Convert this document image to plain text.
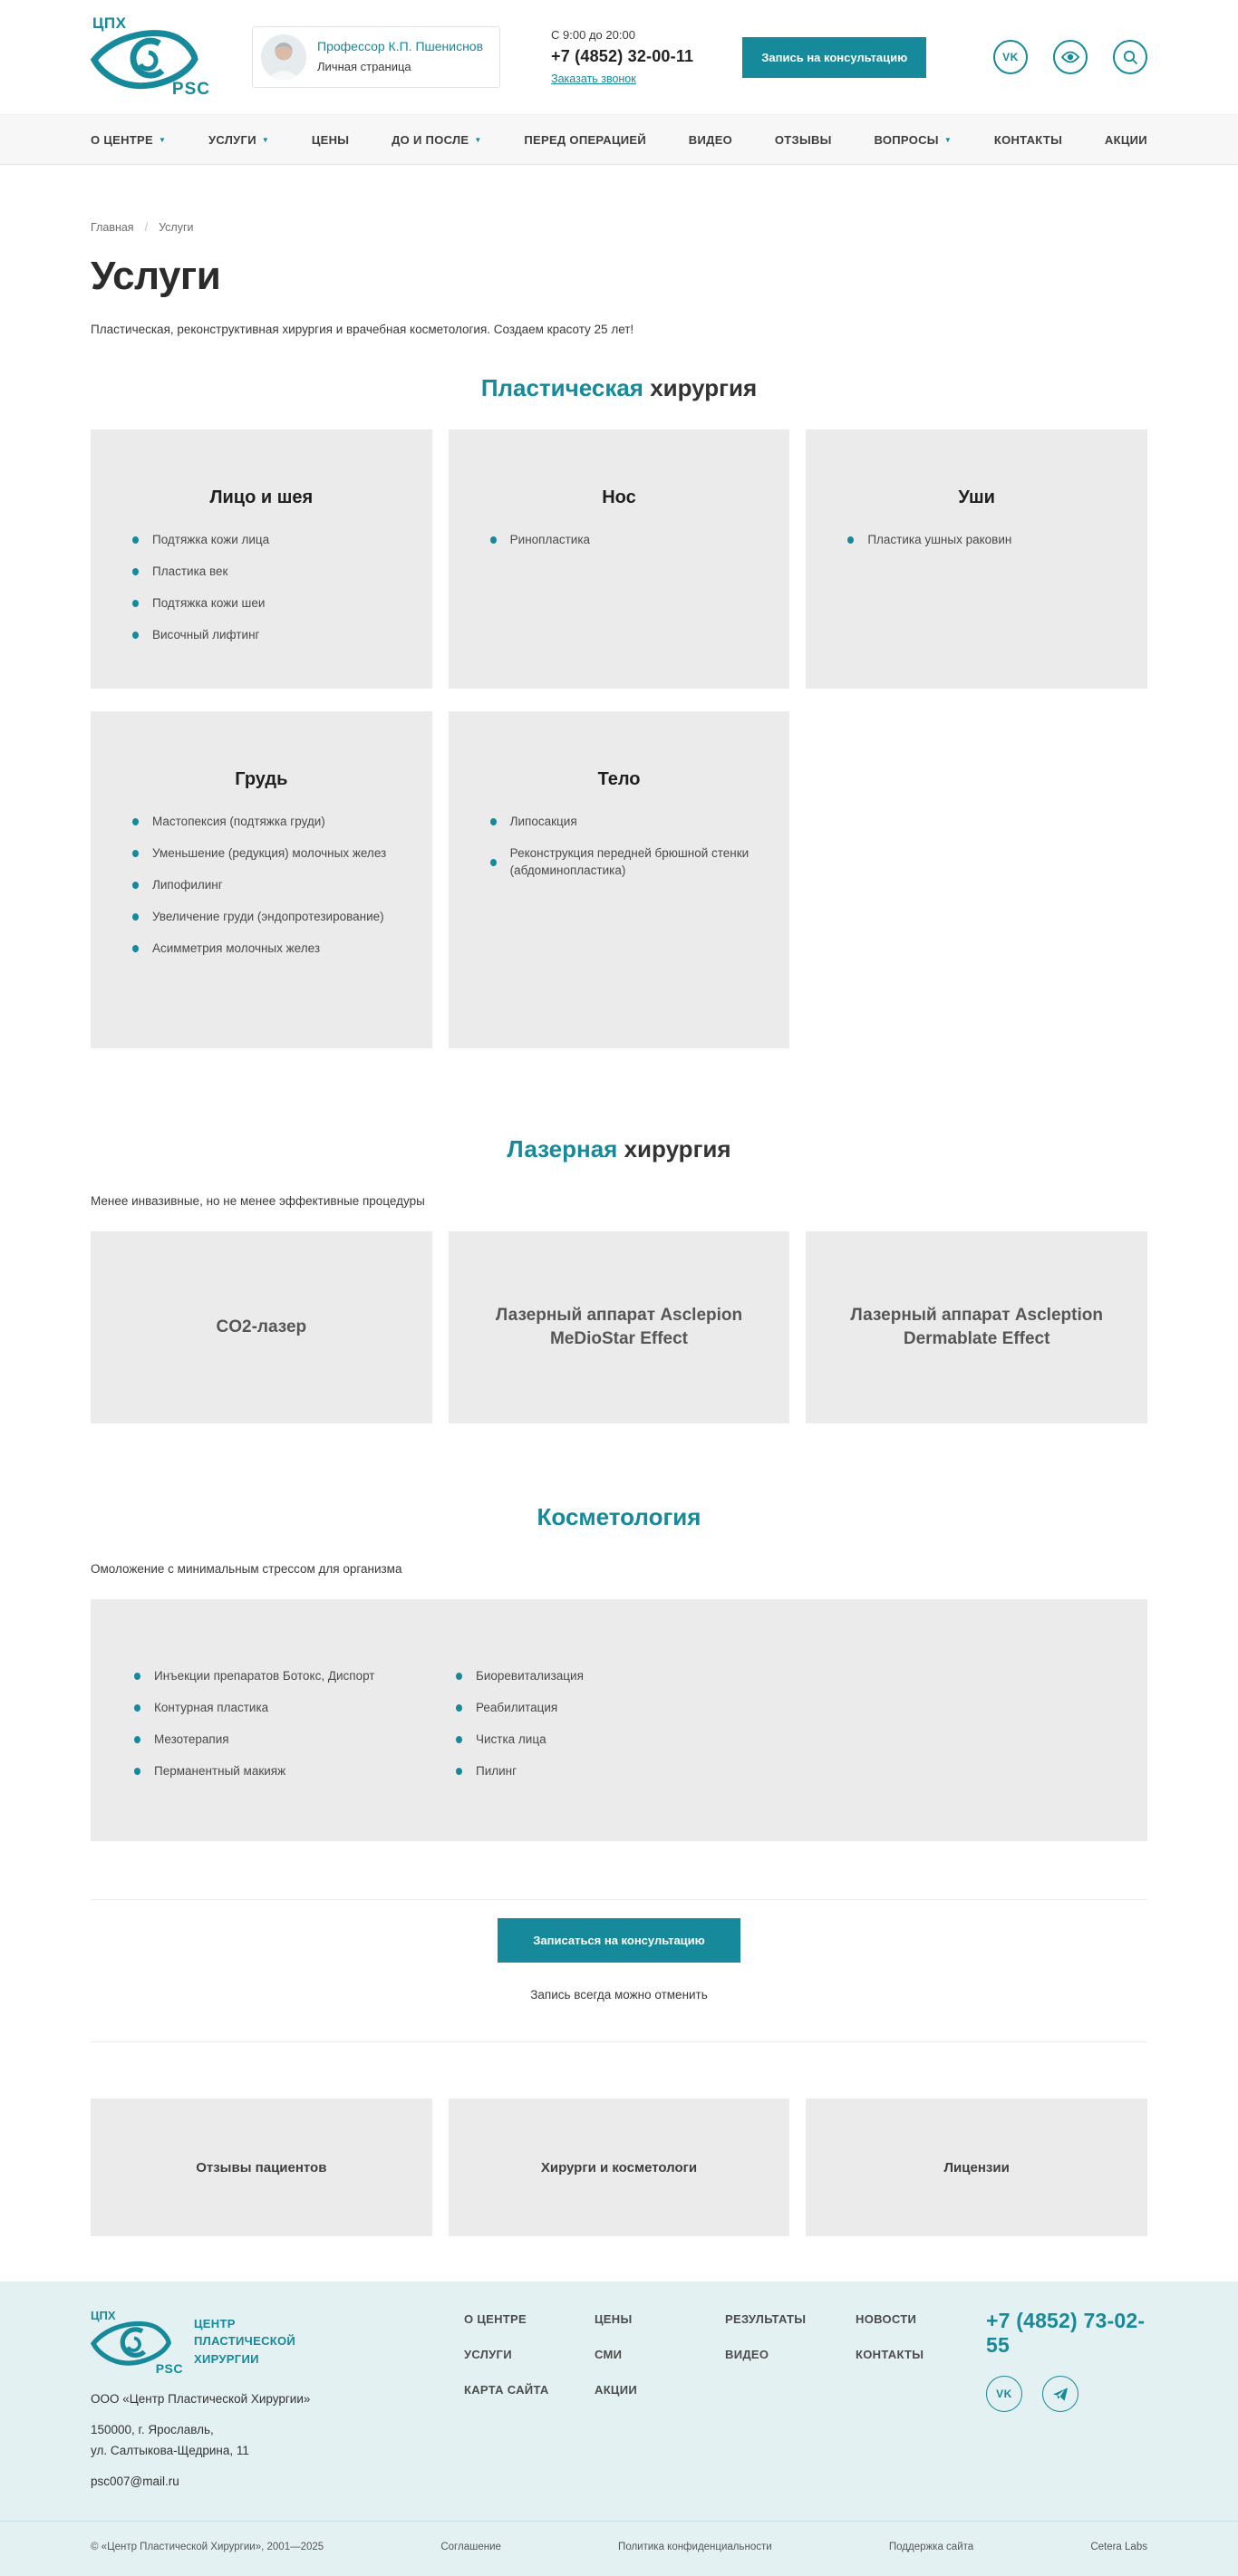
ЦПХ
PSC
Профессор К.П. Пшениснов
Личная страница
С 9:00 до 20:00
+7 (4852) 32-00-11
Заказать звонок
Запись на консультацию	VK
О ЦЕНТРЕ ▼	УСЛУГИ ▼	ЦЕНЫ	ДО И ПОСЛЕ ▼	ПЕРЕД ОПЕРАЦИЕЙ	ВИДЕО	ОТЗЫВЫ	ВОПРОСЫ ▼	КОНТАКТЫ	АКЦИИ
Главная / Услуги
Услуги

Пластическая, реконструктивная хирургия и врачебная косметология. Создаем красоту 25 лет!

Пластическая хирургия
Лицо и шея
Подтяжка кожи лица
Пластика век
Подтяжка кожи шеи
Височный лифтинг
Нос
Ринопластика
Уши
Пластика ушных раковин
Грудь
Мастопексия (подтяжка груди)
Уменьшение (редукция) молочных желез
Липофилинг
Увеличение груди (эндопротезирование)
Асимметрия молочных желез
Тело
Липосакция
Реконструкция передней брюшной стенки (абдоминопластика)
Лазерная хирургия

Менее инвазивные, но не менее эффективные процедуры

CO2-лазер
Лазерный аппарат Asclepion MeDioStar Effect
Лазерный аппарат Ascleption Dermablate Effect
Косметология

Омоложение с минимальным стрессом для организма

Инъекции препаратов Ботокс, Диспорт
Контурная пластика
Мезотерапия
Перманентный макияж
Биоревитализация
Реабилитация
Чистка лица
Пилинг
Записаться на консультацию

Запись всегда можно отменить

Отзывы пациентов	Хирурги и косметологи	Лицензии
ЦПХ
PSC
ЦЕНТР
ПЛАСТИЧЕСКОЙ
ХИРУРГИИ

ООО «Центр Пластической Хирургии»

150000, г. Ярославль,
ул. Салтыкова-Щедрина, 11

psc007@mail.ru
О ЦЕНТРЕ
УСЛУГИ
КАРТА САЙТА
ЦЕНЫ
СМИ
АКЦИИ
РЕЗУЛЬТАТЫ
ВИДЕО
НОВОСТИ
КОНТАКТЫ
+7 (4852) 73-02-55
VK
© «Центр Пластической Хирургии», 2001—2025	Соглашение	Политика конфиденциальности	Поддержка сайта	Cetera Labs
